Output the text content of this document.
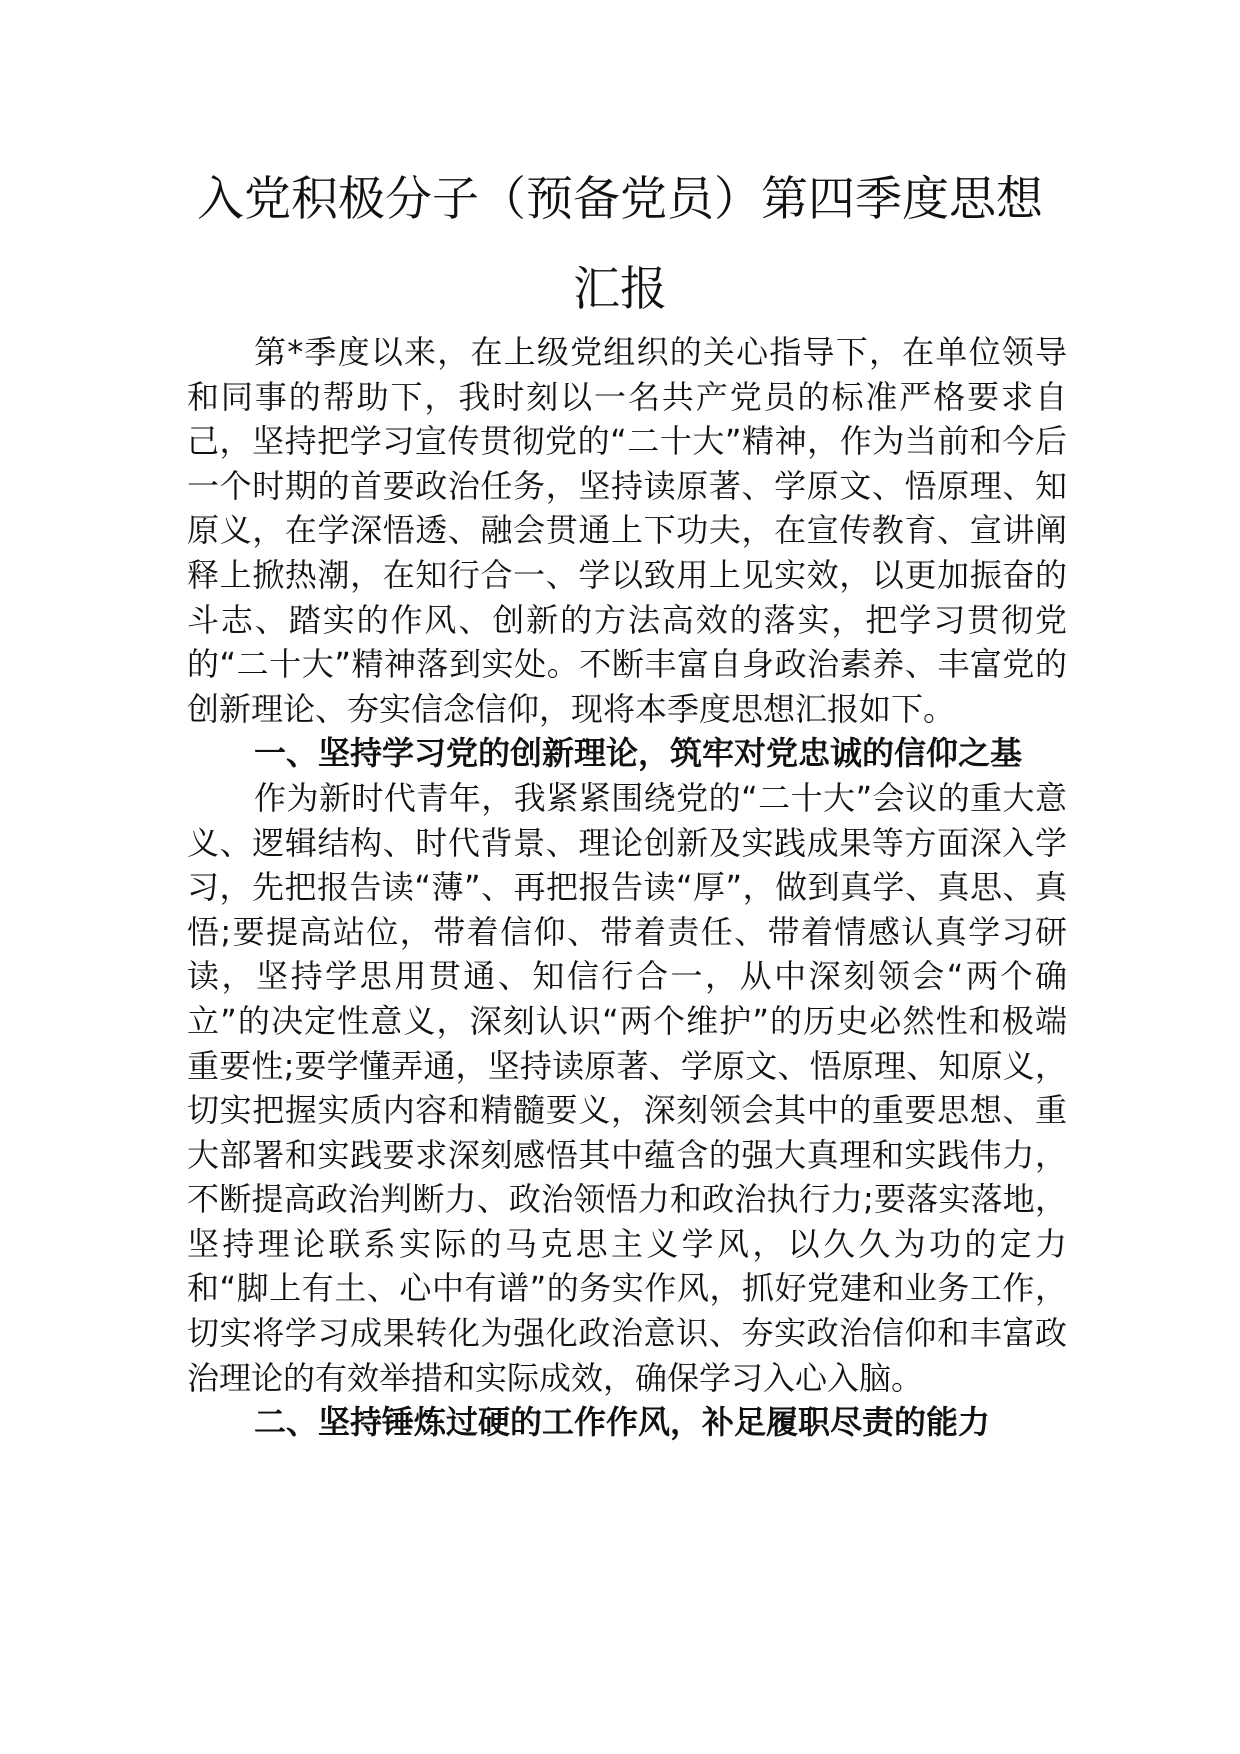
入党积极分子（预备党员）第四季度思想
汇报

第*季度以来，在上级党组织的关心指导下，在单位领导和同事的帮助下，我时刻以一名共产党员的标准严格要求自己，坚持把学习宣传贯彻党的“二十大”精神，作为当前和今后一个时期的首要政治任务，坚持读原著、学原文、悟原理、知原义，在学深悟透、融会贯通上下功夫，在宣传教育、宣讲阐释上掀热潮，在知行合一、学以致用上见实效，以更加振奋的斗志、踏实的作风、创新的方法高效的落实，把学习贯彻党的“二十大”精神落到实处。不断丰富自身政治素养、丰富党的创新理论、夯实信念信仰，现将本季度思想汇报如下。

一、坚持学习党的创新理论，筑牢对党忠诚的信仰之基

作为新时代青年，我紧紧围绕党的“二十大”会议的重大意义、逻辑结构、时代背景、理论创新及实践成果等方面深入学习，先把报告读“薄”、再把报告读“厚”，做到真学、真思、真悟;要提高站位，带着信仰、带着责任、带着情感认真学习研读，坚持学思用贯通、知信行合一，从中深刻领会“两个确立”的决定性意义，深刻认识“两个维护”的历史必然性和极端重要性;要学懂弄通，坚持读原著、学原文、悟原理、知原义，切实把握实质内容和精髓要义，深刻领会其中的重要思想、重大部署和实践要求深刻感悟其中蕴含的强大真理和实践伟力，不断提高政治判断力、政治领悟力和政治执行力;要落实落地，坚持理论联系实际的马克思主义学风，以久久为功的定力和“脚上有土、心中有谱”的务实作风，抓好党建和业务工作，切实将学习成果转化为强化政治意识、夯实政治信仰和丰富政治理论的有效举措和实际成效，确保学习入心入脑。

二、坚持锤炼过硬的工作作风，补足履职尽责的能力
